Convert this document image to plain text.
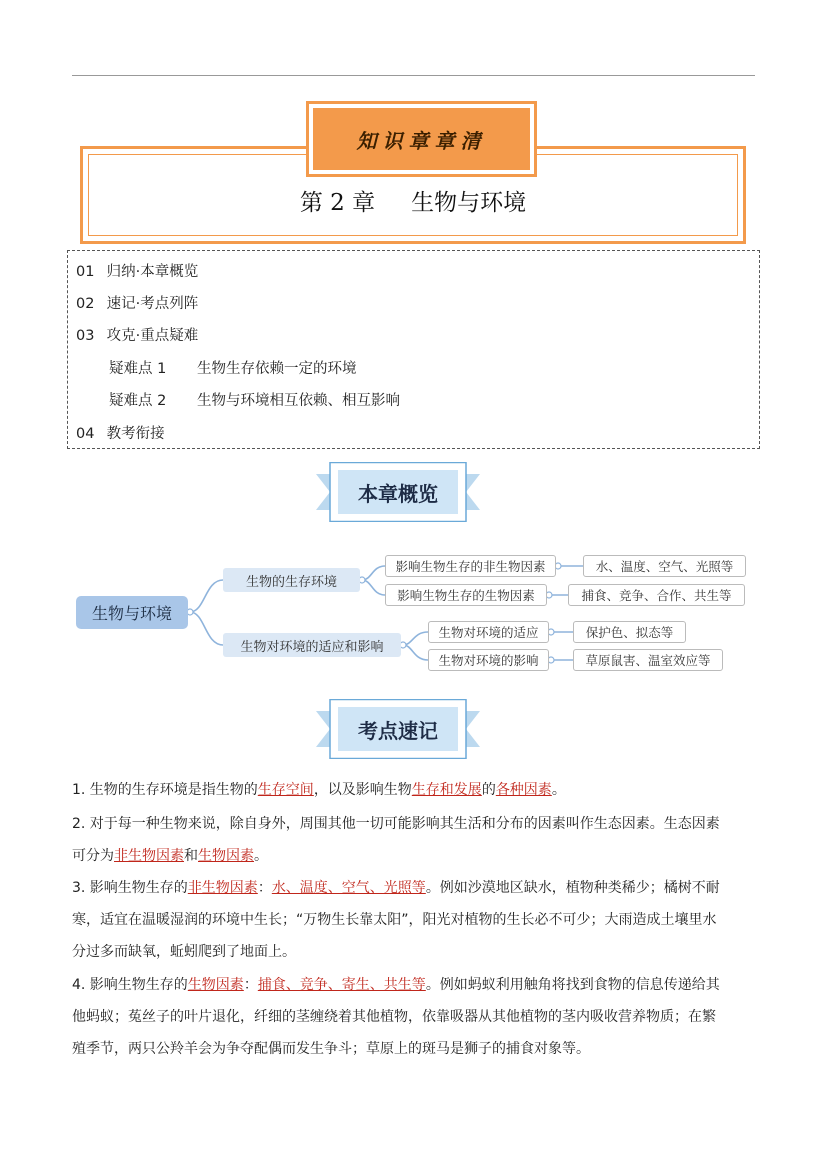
知识章章清
第 2 章 生物与环境
01 归纳·本章概览
02 速记·考点列阵
03 攻克·重点疑难
疑难点 1 生物生存依赖一定的环境
疑难点 2 生物与环境相互依赖、相互影响
04 教考衔接
本章概览
生物与环境
生物的生存环境
生物对环境的适应和影响
影响生物生存的非生物因素
影响生物生存的生物因素
生物对环境的适应
生物对环境的影响
水、温度、空气、光照等
捕食、竞争、合作、共生等
保护色、拟态等
草原鼠害、温室效应等
考点速记
1. 生物的生存环境是指生物的生存空间，以及影响生物生存和发展的各种因素。
2. 对于每一种生物来说，除自身外，周围其他一切可能影响其生活和分布的因素叫作生态因素。生态因素
可分为非生物因素和生物因素。
3. 影响生物生存的非生物因素：水、温度、空气、光照等。例如沙漠地区缺水，植物种类稀少；橘树不耐
寒，适宜在温暖湿润的环境中生长；“万物生长靠太阳”，阳光对植物的生长必不可少；大雨造成土壤里水
分过多而缺氧，蚯蚓爬到了地面上。
4. 影响生物生存的生物因素：捕食、竞争、寄生、共生等。例如蚂蚁利用触角将找到食物的信息传递给其
他蚂蚁；菟丝子的叶片退化，纤细的茎缠绕着其他植物，依靠吸器从其他植物的茎内吸收营养物质；在繁
殖季节，两只公羚羊会为争夺配偶而发生争斗；草原上的斑马是狮子的捕食对象等。
